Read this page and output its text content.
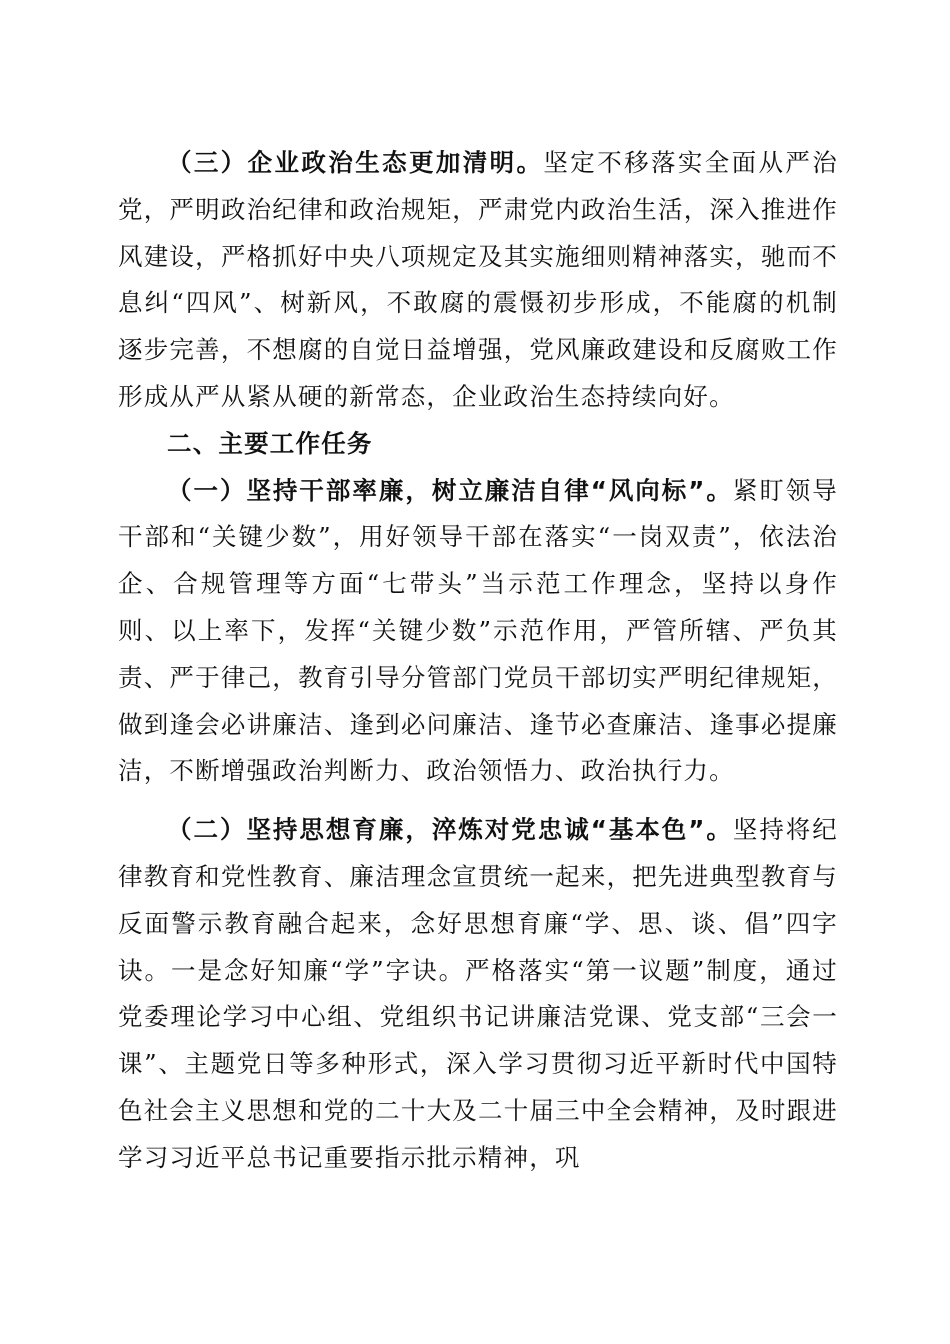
（三）企业政治生态更加清明。坚定不移落实全面从严治党，严明政治纪律和政治规矩，严肃党内政治生活，深入推进作风建设，严格抓好中央八项规定及其实施细则精神落实，驰而不息纠“四风”、树新风，不敢腐的震慑初步形成，不能腐的机制逐步完善，不想腐的自觉日益增强，党风廉政建设和反腐败工作形成从严从紧从硬的新常态，企业政治生态持续向好。

二、主要工作任务

（一）坚持干部率廉，树立廉洁自律“风向标”。紧盯领导干部和“关键少数”，用好领导干部在落实“一岗双责”，依法治企、合规管理等方面“七带头”当示范工作理念，坚持以身作则、以上率下，发挥“关键少数”示范作用，严管所辖、严负其责、严于律己，教育引导分管部门党员干部切实严明纪律规矩，做到逢会必讲廉洁、逢到必问廉洁、逢节必查廉洁、逢事必提廉洁，不断增强政治判断力、政治领悟力、政治执行力。

（二）坚持思想育廉，淬炼对党忠诚“基本色”。坚持将纪律教育和党性教育、廉洁理念宣贯统一起来，把先进典型教育与反面警示教育融合起来，念好思想育廉“学、思、谈、倡”四字诀。一是念好知廉“学”字诀。严格落实“第一议题”制度，通过党委理论学习中心组、党组织书记讲廉洁党课、党支部“三会一课”、主题党日等多种形式，深入学习贯彻习近平新时代中国特色社会主义思想和党的二十大及二十届三中全会精神，及时跟进学习习近平总书记重要指示批示精神，巩
